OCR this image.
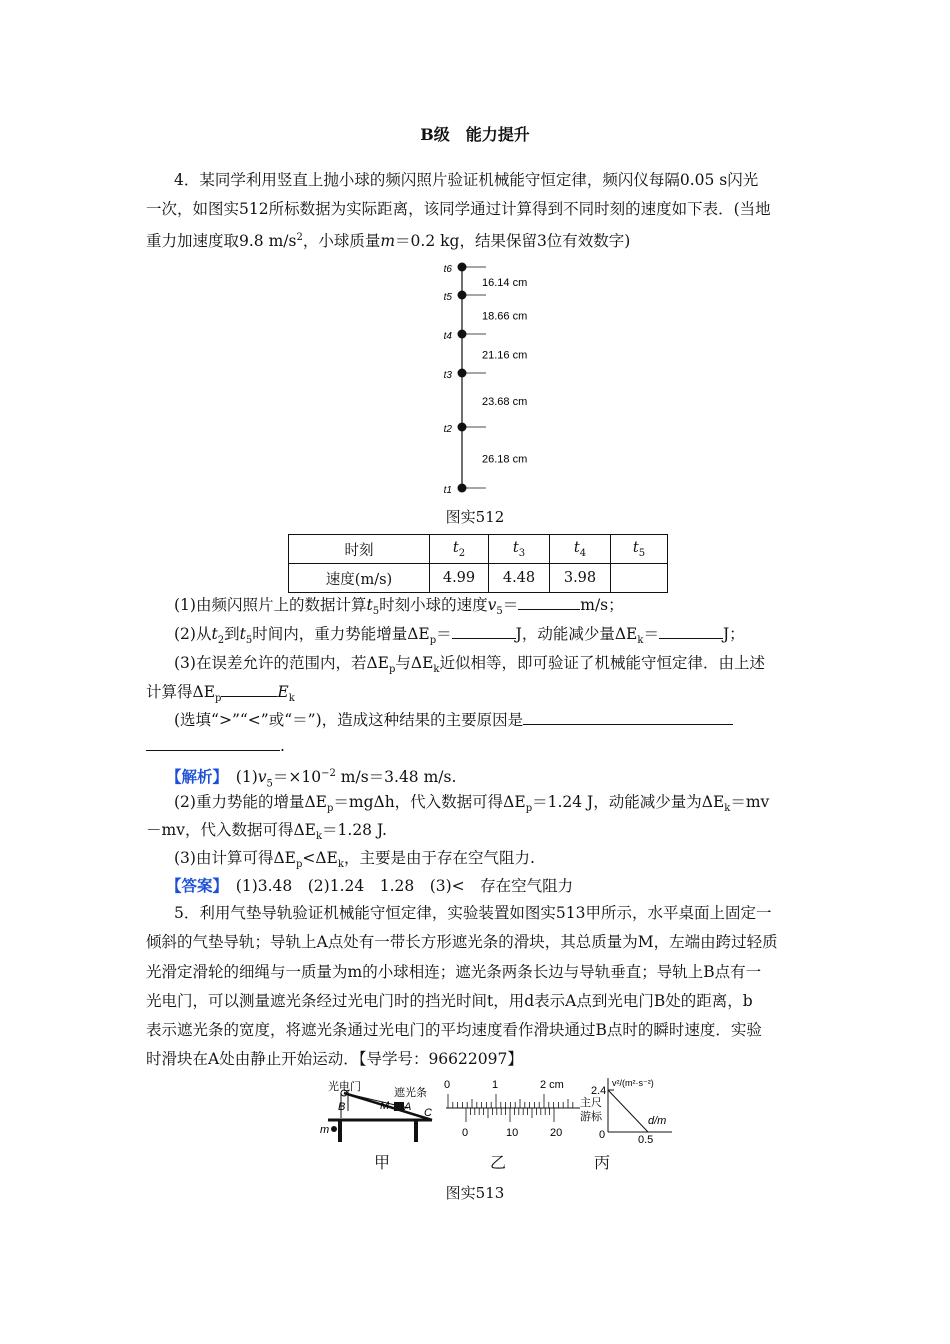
B级　能力提升
4．某同学利用竖直上抛小球的频闪照片验证机械能守恒定律，频闪仪每隔0.05 s闪光
一次，如图实512所标数据为实际距离，该同学通过计算得到不同时刻的速度如下表．(当地
重力加速度取9.8 $m/s^2$，小球质量m＝0.2 kg，结果保留3位有效数字)
t6
t5
t4
t3
t2
t1
16.14 cm
18.66 cm
21.16 cm
23.68 cm
26.18 cm
图实512
时刻	$t_2$	$t_3$	$t_4$	$t_5$
速度(m/s)	4.99	4.48	3.98	
(1)由频闪照片上的数据计算$t_5$时刻小球的速度$v_5=$	m/s；
(2)从$t_2$到$t_5$时间内，重力势能增量$\Delta E_p=$	J，动能减少量$\Delta E_k=$	J；
(3)在误差允许的范围内，若$\Delta E_p$与$\Delta E_k$近似相等，即可验证了机械能守恒定律．由上述
计算得$\Delta E_p$	$E_k$
(选填“>”“<”或“＝”)，造成这种结果的主要原因是
.
【解析】　 $(1)v_5=\times 10^{-2}$ m/s＝3.48 m/s.
(2)重力势能的增量$\Delta E_p=mg\Delta h$，代入数据可得$\Delta E_p=1.24$ J，动能减少量为$\Delta E_k=mv$
－mv，代入数据可得$\Delta E_k=1.28$ J.
(3)由计算可得$\Delta E_p<\Delta E_k$，主要是由于存在空气阻力.
【答案】　 (1)3.48　(2)1.24　1.28　(3)<　存在空气阻力
5．利用气垫导轨验证机械能守恒定律，实验装置如图实513甲所示，水平桌面上固定一
倾斜的气垫导轨；导轨上A点处有一带长方形遮光条的滑块，其总质量为M，左端由跨过轻质
光滑定滑轮的细绳与一质量为m的小球相连；遮光条两条长边与导轨垂直；导轨上B点有一
光电门，可以测量遮光条经过光电门时的挡光时间t，用d表示A点到光电门B处的距离，b
表示遮光条的宽度，将遮光条通过光电门的平均速度看作滑块通过B点时的瞬时速度．实验
时滑块在A处由静止开始运动．【导学号：96622097】
光电门	遮光条
B	M A C
m
0	1	2 cm
主尺
游标
0	10	20
2.4
v²/(m²·s⁻²)
d/m
0.5
0
甲	乙	丙
图实513
